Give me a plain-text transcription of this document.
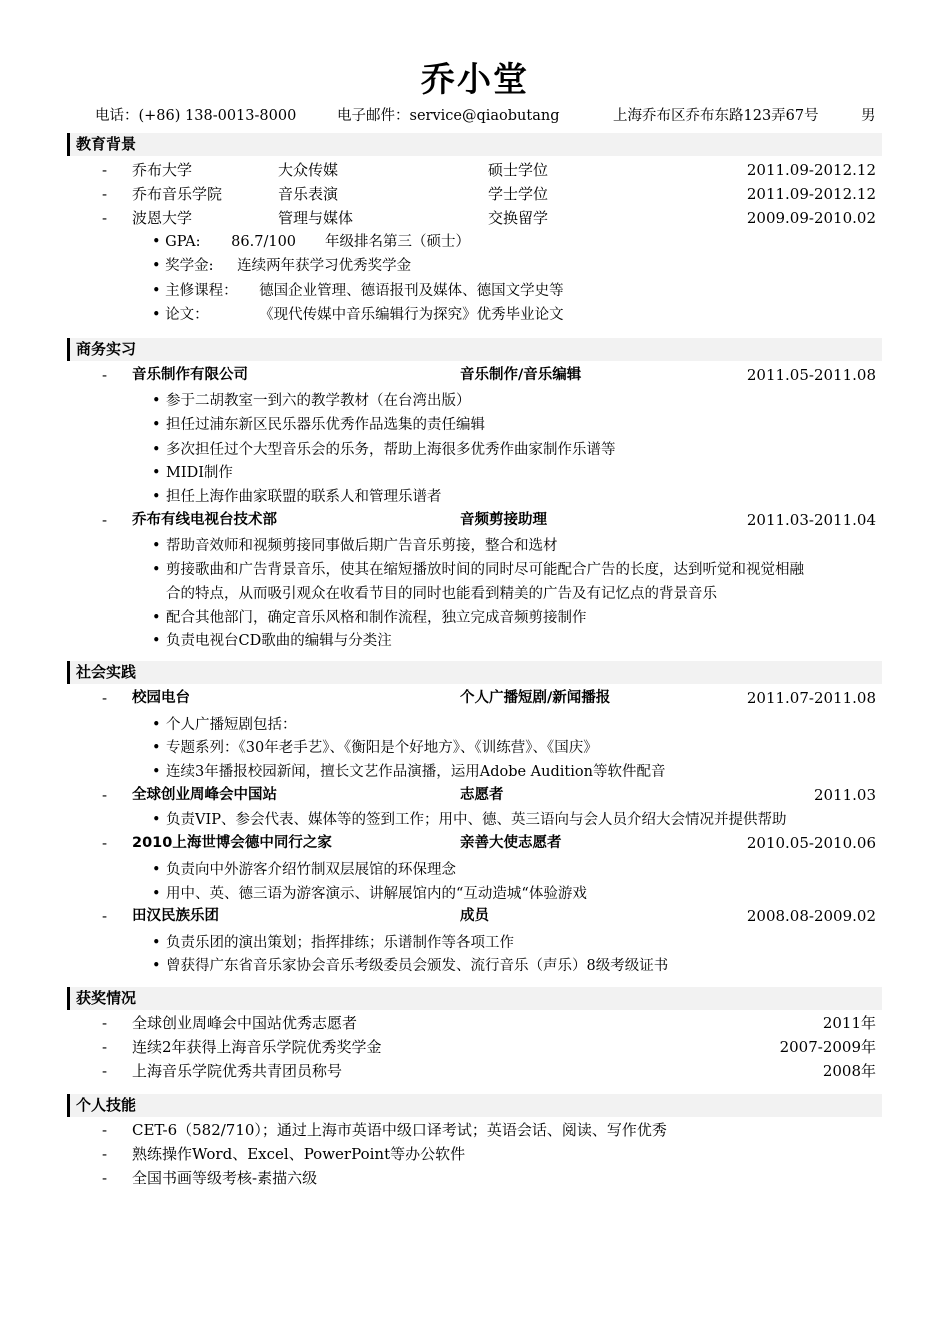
乔小堂
电话：(+86) 138-0013-8000	电子邮件：service@qiaobutang	上海乔布区乔布东路123弄67号	男
教育背景
- 乔布大学	大众传媒	硕士学位	2011.09-2012.12
- 乔布音乐学院	音乐表演	学士学位	2011.09-2012.12
- 波恩大学	管理与媒体	交换留学	2009.09-2010.02
• GPA: 86.7/100　　年级排名第三（硕士）
• 奖学金: 连续两年获学习优秀奖学金
• 主修课程： 德国企业管理、德语报刊及媒体、德国文学史等
• 论文：	《现代传媒中音乐编辑行为探究》优秀毕业论文
商务实习
- 音乐制作有限公司	音乐制作/音乐编辑	2011.05-2011.08
• 参于二胡教室一到六的教学教材（在台湾出版）
• 担任过浦东新区民乐器乐优秀作品选集的责任编辑
• 多次担任过个大型音乐会的乐务，帮助上海很多优秀作曲家制作乐谱等
• MIDI制作
• 担任上海作曲家联盟的联系人和管理乐谱者
- 乔布有线电视台技术部	音频剪接助理	2011.03-2011.04
• 帮助音效师和视频剪接同事做后期广告音乐剪接，整合和选材
• 剪接歌曲和广告背景音乐，使其在缩短播放时间的同时尽可能配合广告的长度，达到听觉和视觉相融
合的特点，从而吸引观众在收看节目的同时也能看到精美的广告及有记忆点的背景音乐
• 配合其他部门，确定音乐风格和制作流程，独立完成音频剪接制作
• 负责电视台CD歌曲的编辑与分类注
社会实践
- 校园电台	个人广播短剧/新闻播报	2011.07-2011.08
• 个人广播短剧包括：
• 专题系列：《30年老手艺》、《衡阳是个好地方》、《训练营》、《国庆》
• 连续3年播报校园新闻，擅长文艺作品演播，运用Adobe Audition等软件配音
- 全球创业周峰会中国站	志愿者	2011.03
• 负责VIP、参会代表、媒体等的签到工作；用中、德、英三语向与会人员介绍大会情况并提供帮助
- 2010上海世博会德中同行之家	亲善大使志愿者	2010.05-2010.06
• 负责向中外游客介绍竹制双层展馆的环保理念
• 用中、英、德三语为游客演示、讲解展馆内的“互动造城“体验游戏
- 田汉民族乐团	成员	2008.08-2009.02
• 负责乐团的演出策划；指挥排练；乐谱制作等各项工作
• 曾获得广东省音乐家协会音乐考级委员会颁发、流行音乐（声乐）8级考级证书
获奖情况
- 全球创业周峰会中国站优秀志愿者	2011年
- 连续2年获得上海音乐学院优秀奖学金	2007-2009年
- 上海音乐学院优秀共青团员称号	2008年
个人技能
- CET-6（582/710）；通过上海市英语中级口译考试；英语会话、阅读、写作优秀
- 熟练操作Word、Excel、PowerPoint等办公软件
- 全国书画等级考核-素描六级
